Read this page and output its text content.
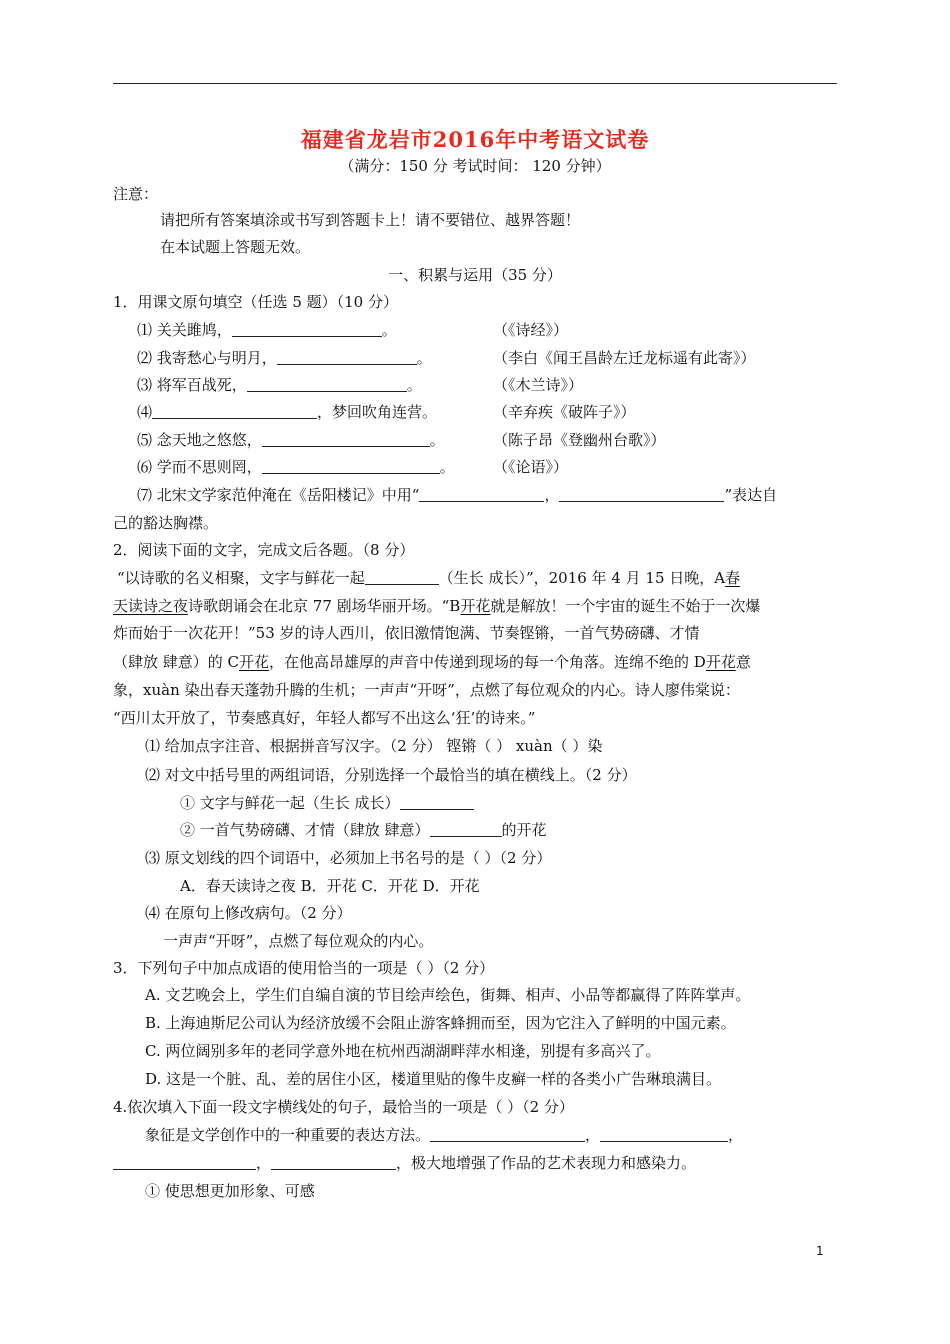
福建省龙岩市2016年中考语文试卷
（满分：150 分 考试时间： 120 分钟）
注意：
请把所有答案填涂或书写到答题卡上！请不要错位、越界答题！
在本试题上答题无效。
一、积累与运用（35 分）
1．用课文原句填空（任选 5 题）（10 分）
⑴ 关关雎鸠，	。	（《诗经》）
⑵ 我寄愁心与明月，	。	（李白《闻王昌龄左迁龙标遥有此寄》）
⑶ 将军百战死，	。	（《木兰诗》）
⑷	，梦回吹角连营。	（辛弃疾《破阵子》）
⑸ 念天地之悠悠，	。	（陈子昂《登幽州台歌》）
⑹ 学而不思则罔，	。	（《论语》）
⑺ 北宋文学家范仲淹在《岳阳楼记》中用“	，	”表达自
己的豁达胸襟。
2．阅读下面的文字，完成文后各题。（8 分）
“以诗歌的名义相聚，文字与鲜花一起	（生长 成长）”，2016 年 4 月 15 日晚，A春
天读诗之夜诗歌朗诵会在北京 77 剧场华丽开场。“B开花就是解放！一个宇宙的诞生不始于一次爆
炸而始于一次花开！”53 岁的诗人西川，依旧激情饱满、节奏铿锵，一首气势磅礴、才情
（肆放 肆意）的 C开花，在他高昂雄厚的声音中传递到现场的每一个角落。连绵不绝的 D开花意
象，xuàn 染出春天蓬勃升腾的生机；一声声“开呀”，点燃了每位观众的内心。诗人廖伟棠说：
“西川太开放了，节奏感真好，年轻人都写不出这么‘狂’的诗来。”
⑴ 给加点字注音、根据拼音写汉字。（2 分） 铿锵（ ） xuàn（ ）染
⑵ 对文中括号里的两组词语，分别选择一个最恰当的填在横线上。（2 分）
① 文字与鲜花一起（生长 成长）
② 一首气势磅礴、才情（肆放 肆意）	的开花
⑶ 原文划线的四个词语中，必须加上书名号的是（ ）（2 分）
A．春天读诗之夜 B．开花 C．开花 D．开花
⑷ 在原句上修改病句。（2 分）
一声声“开呀”，点燃了每位观众的内心。
3．下列句子中加点成语的使用恰当的一项是（ ）（2 分）
A. 文艺晚会上，学生们自编自演的节目绘声绘色，街舞、相声、小品等都赢得了阵阵掌声。
B. 上海迪斯尼公司认为经济放缓不会阻止游客蜂拥而至，因为它注入了鲜明的中国元素。
C. 两位阔别多年的老同学意外地在杭州西湖湖畔萍水相逢，别提有多高兴了。
D. 这是一个脏、乱、差的居住小区，楼道里贴的像牛皮癣一样的各类小广告琳琅满目。
4.依次填入下面一段文字横线处的句子，最恰当的一项是（ ）（2 分）
象征是文学创作中的一种重要的表达方法。	，	，
，	，极大地增强了作品的艺术表现力和感染力。
① 使思想更加形象、可感
1
